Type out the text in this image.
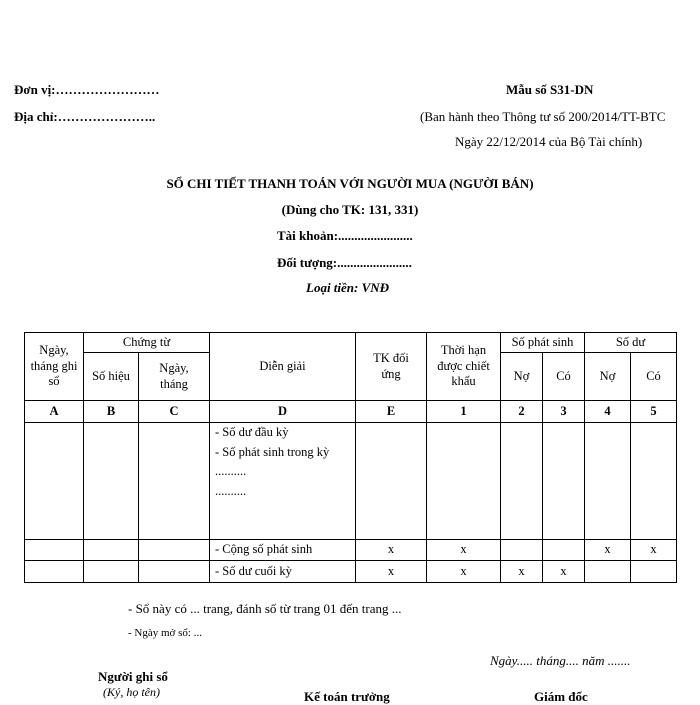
Đơn vị:……………………
Địa chỉ:…………………..
Mẫu số S31-DN
(Ban hành theo Thông tư số 200/2014/TT-BTC
Ngày 22/12/2014 của Bộ Tài chính)
SỔ CHI TIẾT THANH TOÁN VỚI NGƯỜI MUA (NGƯỜI BÁN)
(Dùng cho TK: 131, 331)
Tài khoản:.......................
Đối tượng:.......................
Loại tiền: VNĐ
Ngày, tháng ghi sổ	Chứng từ		Diễn giải	TK đối ứng	Thời hạn được chiết khấu	Số phát sinh		Số dư	
	Số hiệu	Ngày, tháng				Nợ	Có	Nợ	Có
A	B	C	D	E	1	2	3	4	5

			- Số dư đầu kỳ
- Số phát sinh trong kỳ
..........
..........						

			- Cộng số phát sinh	x	x			x	x
			- Số dư cuối kỳ	x	x	x	x		
- Sổ này có ... trang, đánh số từ trang 01 đến trang ...
- Ngày mở sổ: ...
Ngày..... tháng.... năm .......
Người ghi sổ
(Ký, họ tên)	Kế toán trưởng	Giám đốc
